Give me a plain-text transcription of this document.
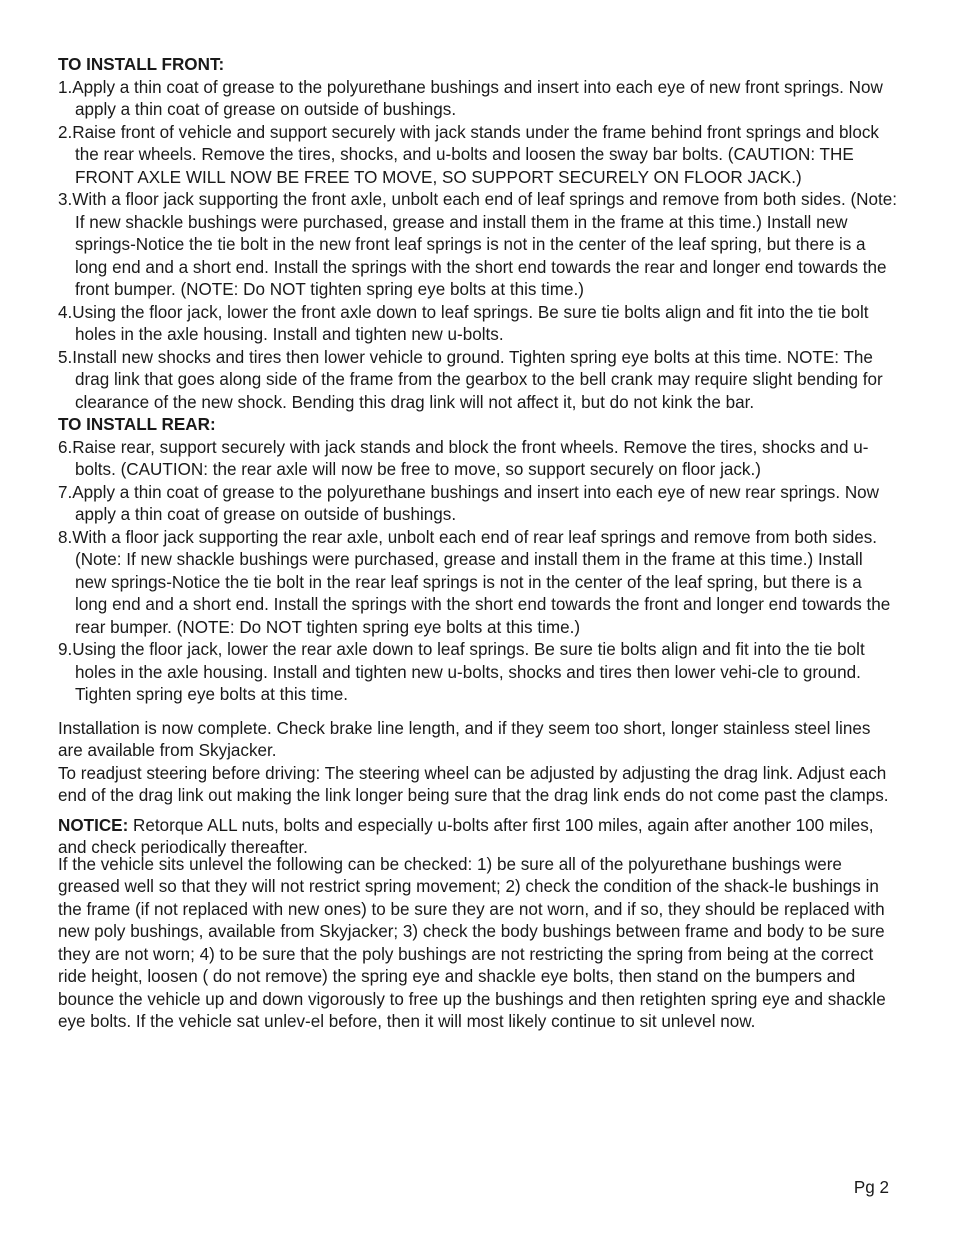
TO INSTALL FRONT:
1.Apply a thin coat of grease to the polyurethane bushings and insert into each eye of new front springs. Now apply a thin coat of grease on outside of bushings.
2.Raise front of vehicle and support securely with jack stands under the frame behind front springs and block the rear wheels. Remove the tires, shocks, and u-bolts and loosen the sway bar bolts. (CAUTION: THE FRONT AXLE WILL NOW BE FREE TO MOVE, SO SUPPORT SECURELY ON FLOOR JACK.)
3.With a floor jack supporting the front axle, unbolt each end of leaf springs and remove from both sides. (Note: If new shackle bushings were purchased, grease and install them in the frame at this time.) Install new springs-Notice the tie bolt in the new front leaf springs is not in the center of the leaf spring, but there is a long end and a short end. Install the springs with the short end towards the rear and longer end towards the front bumper. (NOTE: Do NOT tighten spring eye bolts at this time.)
4.Using the floor jack, lower the front axle down to leaf springs. Be sure tie bolts align and fit into the tie bolt holes in the axle housing. Install and tighten new u-bolts.
5.Install new shocks and tires then lower vehicle to ground. Tighten spring eye bolts at this time. NOTE: The drag link that goes along side of the frame from the gearbox to the bell crank may require slight bending for clearance of the new shock. Bending this drag link will not affect it, but do not kink the bar.
TO INSTALL REAR:
6.Raise rear, support securely with jack stands and block the front wheels. Remove the tires, shocks and u-bolts. (CAUTION: the rear axle will now be free to move, so support securely on floor jack.)
7.Apply a thin coat of grease to the polyurethane bushings and insert into each eye of new rear springs. Now apply a thin coat of grease on outside of bushings.
8.With a floor jack supporting the rear axle, unbolt each end of rear leaf springs and remove from both sides. (Note: If new shackle bushings were purchased, grease and install them in the frame at this time.) Install new springs-Notice the tie bolt in the rear leaf springs is not in the center of the leaf spring, but there is a long end and a short end. Install the springs with the short end towards the front and longer end towards the rear bumper. (NOTE: Do NOT tighten spring eye bolts at this time.)
9.Using the floor jack, lower the rear axle down to leaf springs. Be sure tie bolts align and fit into the tie bolt holes in the axle housing. Install and tighten new u-bolts, shocks and tires then lower vehi-cle to ground. Tighten spring eye bolts at this time.

Installation is now complete. Check brake line length, and if they seem too short, longer stainless steel lines are available from Skyjacker.

To readjust steering before driving: The steering wheel can be adjusted by adjusting the drag link. Adjust each end of the drag link out making the link longer being sure that the drag link ends do not come past the clamps.

NOTICE: Retorque ALL nuts, bolts and especially u-bolts after first 100 miles, again after another 100 miles, and check periodically thereafter.

If the vehicle sits unlevel the following can be checked: 1) be sure all of the polyurethane bushings were greased well so that they will not restrict spring movement; 2) check the condition of the shack-le bushings in the frame (if not replaced with new ones) to be sure they are not worn, and if so, they should be replaced with new poly bushings, available from Skyjacker; 3) check the body bushings between frame and body to be sure they are not worn; 4) to be sure that the poly bushings are not restricting the spring from being at the correct ride height, loosen ( do not remove) the spring eye and shackle eye bolts, then stand on the bumpers and bounce the vehicle up and down vigorously to free up the bushings and then retighten spring eye and shackle eye bolts. If the vehicle sat unlev-el before, then it will most likely continue to sit unlevel now.

Pg 2
